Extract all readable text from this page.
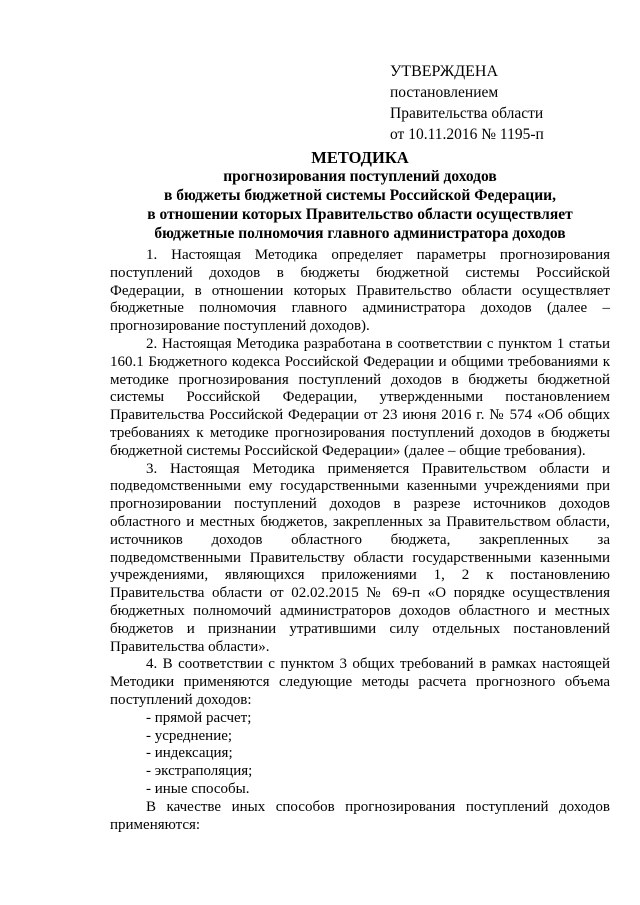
УТВЕРЖДЕНА
постановлением
Правительства области
от 10.11.2016 № 1195-п
МЕТОДИКА
прогнозирования поступлений доходов
в бюджеты бюджетной системы Российской Федерации,
в отношении которых Правительство области осуществляет
бюджетные полномочия главного администратора доходов

1. Настоящая Методика определяет параметры прогнозирования поступлений доходов в бюджеты бюджетной системы Российской Федерации, в отношении которых Правительство области осуществляет бюджетные полномочия главного администратора доходов (далее – прогнозирование поступлений доходов).

2. Настоящая Методика разработана в соответствии с пунктом 1 статьи 160.1 Бюджетного кодекса Российской Федерации и общими требованиями к методике прогнозирования поступлений доходов в бюджеты бюджетной системы Российской Федерации, утвержденными постановлением Правительства Российской Федерации от 23 июня 2016 г. № 574 «Об общих требованиях к методике прогнозирования поступлений доходов в бюджеты бюджетной системы Российской Федерации» (далее – общие требования).

3. Настоящая Методика применяется Правительством области и подведомственными ему государственными казенными учреждениями при прогнозировании поступлений доходов в разрезе источников доходов областного и местных бюджетов, закрепленных за Правительством области, источников доходов областного бюджета, закрепленных за подведомственными Правительству области государственными казенными учреждениями, являющихся приложениями 1, 2 к постановлению Правительства области от 02.02.2015 № 69-п «О порядке осуществления бюджетных полномочий администраторов доходов областного и местных бюджетов и признании утратившими силу отдельных постановлений Правительства области».

4. В соответствии с пунктом 3 общих требований в рамках настоящей Методики применяются следующие методы расчета прогнозного объема поступлений доходов:

- прямой расчет;

- усреднение;

- индексация;

- экстраполяция;

- иные способы.

В качестве иных способов прогнозирования поступлений доходов применяются:
